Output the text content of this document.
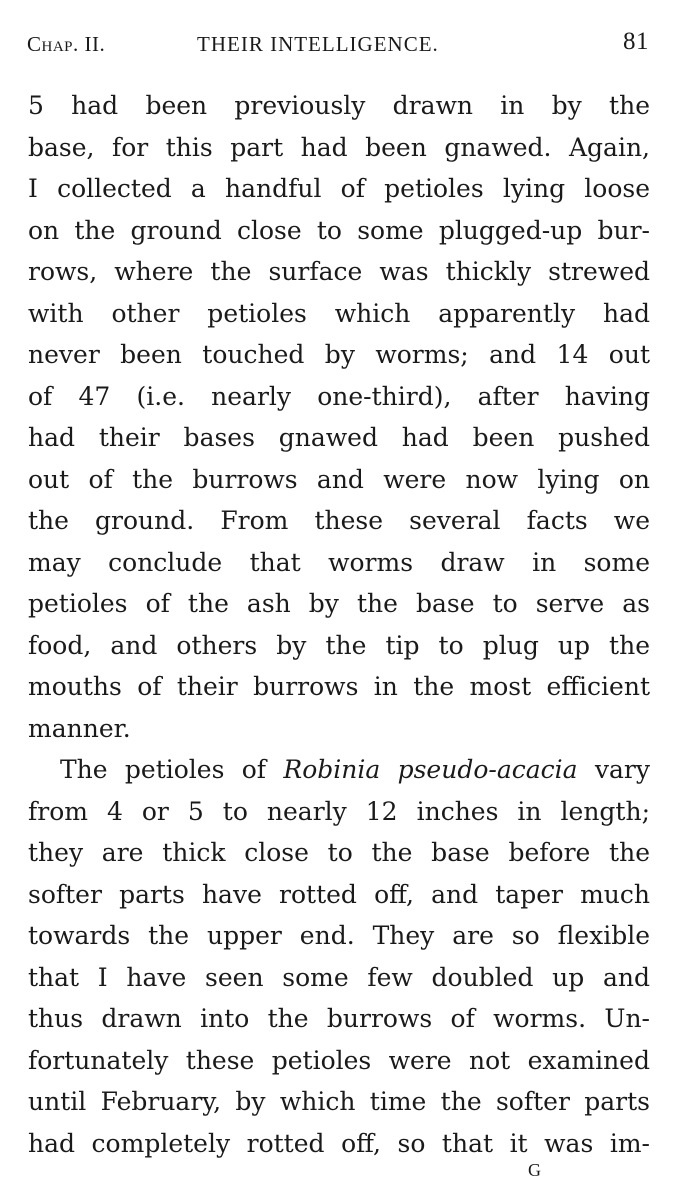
Chap. II.	THEIR INTELLIGENCE.	81
5 had been previously drawn in by the
base, for this part had been gnawed. Again,
I collected a handful of petioles lying loose
on the ground close to some plugged-up bur-
rows, where the surface was thickly strewed
with other petioles which apparently had
never been touched by worms; and 14 out
of 47 (i.e. nearly one-third), after having
had their bases gnawed had been pushed
out of the burrows and were now lying on
the ground. From these several facts we
may conclude that worms draw in some
petioles of the ash by the base to serve as
food, and others by the tip to plug up the
mouths of their burrows in the most efficient
manner.
The petioles of Robinia pseudo-acacia vary
from 4 or 5 to nearly 12 inches in length;
they are thick close to the base before the
softer parts have rotted off, and taper much
towards the upper end. They are so flexible
that I have seen some few doubled up and
thus drawn into the burrows of worms. Un-
fortunately these petioles were not examined
until February, by which time the softer parts
had completely rotted off, so that it was im-
G
